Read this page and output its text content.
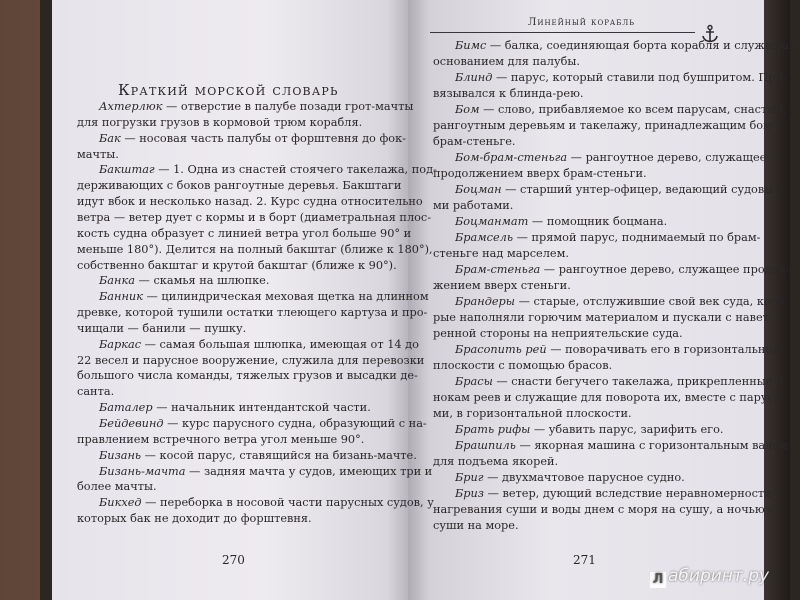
Краткий морской словарь
Линейный корабль
Ахтерлюк — отверстие в палубе позади грот-мачты
для погрузки грузов в кормовой трюм корабля.
Бак — носовая часть палубы от форштевня до фок-
мачты.
Бакштаг — 1. Одна из снастей стоячего такелажа, под-
держивающих с боков рангоутные деревья. Бакштаги
идут вбок и несколько назад. 2. Курс судна относительно
ветра — ветер дует с кормы и в борт (диаметральная плос-
кость судна образует с линией ветра угол больше 90° и
меньше 180°). Делится на полный бакштаг (ближе к 180°),
собственно бакштаг и крутой бакштаг (ближе к 90°).
Банка — скамья на шлюпке.
Банник — цилиндрическая меховая щетка на длинном
древке, которой тушили остатки тлеющего картуза и про-
чищали — банили — пушку.
Баркас — самая большая шлюпка, имеющая от 14 до
22 весел и парусное вооружение, служила для перевозки
большого числа команды, тяжелых грузов и высадки де-
санта.
Баталер — начальник интендантской части.
Бейдевинд — курс парусного судна, образующий с на-
правлением встречного ветра угол меньше 90°.
Бизань — косой парус, ставящийся на бизань-мачте.
Бизань-мачта — задняя мачта у судов, имеющих три и
более мачты.
Бикхед — переборка в носовой части парусных судов, у
которых бак не доходит до форштевня.
Бимс — балка, соединяющая борта корабля и служащая
основанием для палубы.
Блинд — парус, который ставили под бушпритом. При-
вязывался к блинда-рею.
Бом — слово, прибавляемое ко всем парусам, снастям,
рангоутным деревьям и такелажу, принадлежащим бом-
брам-стеньге.
Бом-брам-стеньга — рангоутное дерево, служащее
продолжением вверх брам-стеньги.
Боцман — старший унтер-офицер, ведающий судовы-
ми работами.
Боцманмат — помощник боцмана.
Брамсель — прямой парус, поднимаемый по брам-
стеньге над марселем.
Брам-стеньга — рангоутное дерево, служащее продол-
жением вверх стеньги.
Брандеры — старые, отслужившие свой век суда, кото-
рые наполняли горючим материалом и пускали с навет-
ренной стороны на неприятельские суда.
Брасопить рей — поворачивать его в горизонтальной
плоскости с помощью брасов.
Брасы — снасти бегучего такелажа, прикрепленные к
нокам реев и служащие для поворота их, вместе с паруса-
ми, в горизонтальной плоскости.
Брать рифы — убавить парус, зарифить его.
Брашпиль — якорная машина с горизонтальным валом
для подъема якорей.
Бриг — двухмачтовое парусное судно.
Бриз — ветер, дующий вследствие неравномерности
нагревания суши и воды днем с моря на сушу, а ночью с
суши на море.
270	271
Л абиринт.ру
